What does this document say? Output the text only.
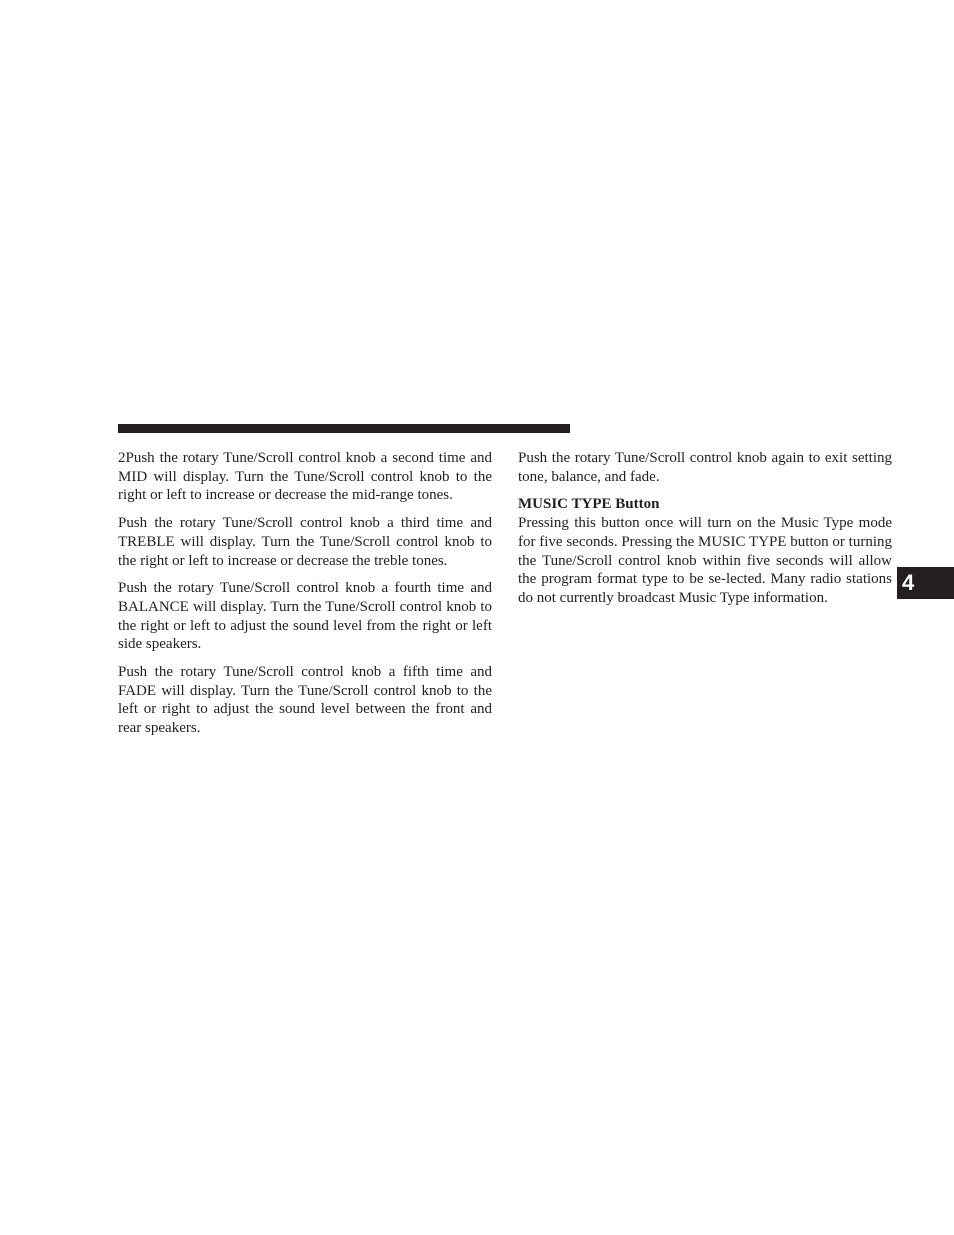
2Push the rotary Tune/Scroll control knob a second time and MID will display. Turn the Tune/Scroll control knob to the right or left to increase or decrease the mid-range tones.

Push the rotary Tune/Scroll control knob a third time and TREBLE will display. Turn the Tune/Scroll control knob to the right or left to increase or decrease the treble tones.

Push the rotary Tune/Scroll control knob a fourth time and BALANCE will display. Turn the Tune/Scroll control knob to the right or left to adjust the sound level from the right or left side speakers.

Push the rotary Tune/Scroll control knob a fifth time and FADE will display. Turn the Tune/Scroll control knob to the left or right to adjust the sound level between the front and rear speakers.

Push the rotary Tune/Scroll control knob again to exit setting tone, balance, and fade.

MUSIC TYPE Button

Pressing this button once will turn on the Music Type mode for five seconds. Pressing the MUSIC TYPE button or turning the Tune/Scroll control knob within five seconds will allow the program format type to be se-lected. Many radio stations do not currently broadcast Music Type information.

4
